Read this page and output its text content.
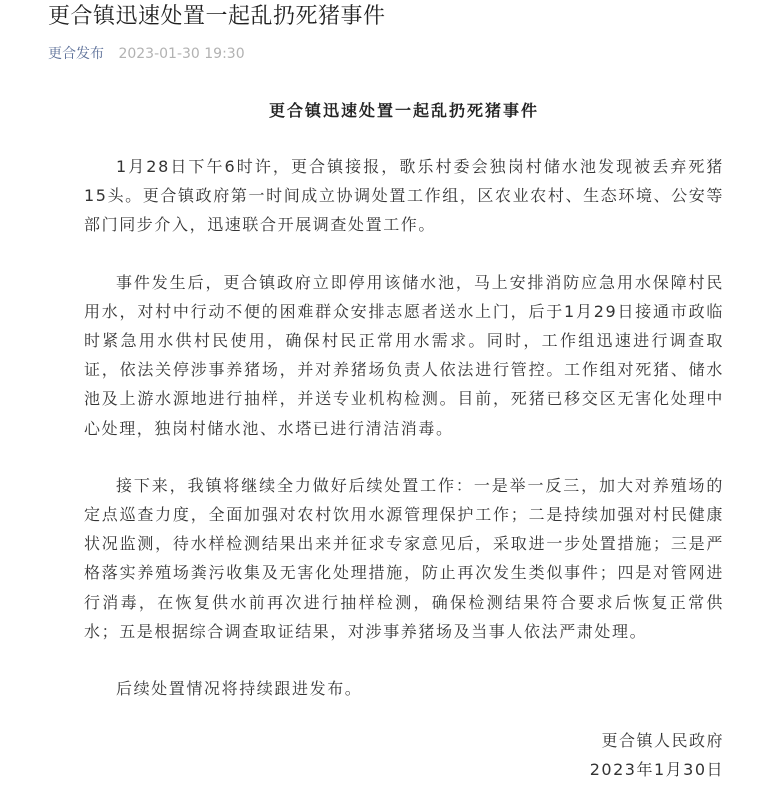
更合镇迅速处置一起乱扔死猪事件
更合发布 2023-01-30 19:30
更合镇迅速处置一起乱扔死猪事件

1月28日下午6时许，更合镇接报，歌乐村委会独岗村储水池发现被丢弃死猪15头。更合镇政府第一时间成立协调处置工作组，区农业农村、生态环境、公安等部门同步介入，迅速联合开展调查处置工作。

事件发生后，更合镇政府立即停用该储水池，马上安排消防应急用水保障村民用水，对村中行动不便的困难群众安排志愿者送水上门，后于1月29日接通市政临时紧急用水供村民使用，确保村民正常用水需求。同时，工作组迅速进行调查取证，依法关停涉事养猪场，并对养猪场负责人依法进行管控。工作组对死猪、储水池及上游水源地进行抽样，并送专业机构检测。目前，死猪已移交区无害化处理中心处理，独岗村储水池、水塔已进行清洁消毒。

接下来，我镇将继续全力做好后续处置工作：一是举一反三，加大对养殖场的定点巡查力度，全面加强对农村饮用水源管理保护工作；二是持续加强对村民健康状况监测，待水样检测结果出来并征求专家意见后，采取进一步处置措施；三是严格落实养殖场粪污收集及无害化处理措施，防止再次发生类似事件；四是对管网进行消毒，在恢复供水前再次进行抽样检测，确保检测结果符合要求后恢复正常供水；五是根据综合调查取证结果，对涉事养猪场及当事人依法严肃处理。

后续处置情况将持续跟进发布。

更合镇人民政府
2023年1月30日
